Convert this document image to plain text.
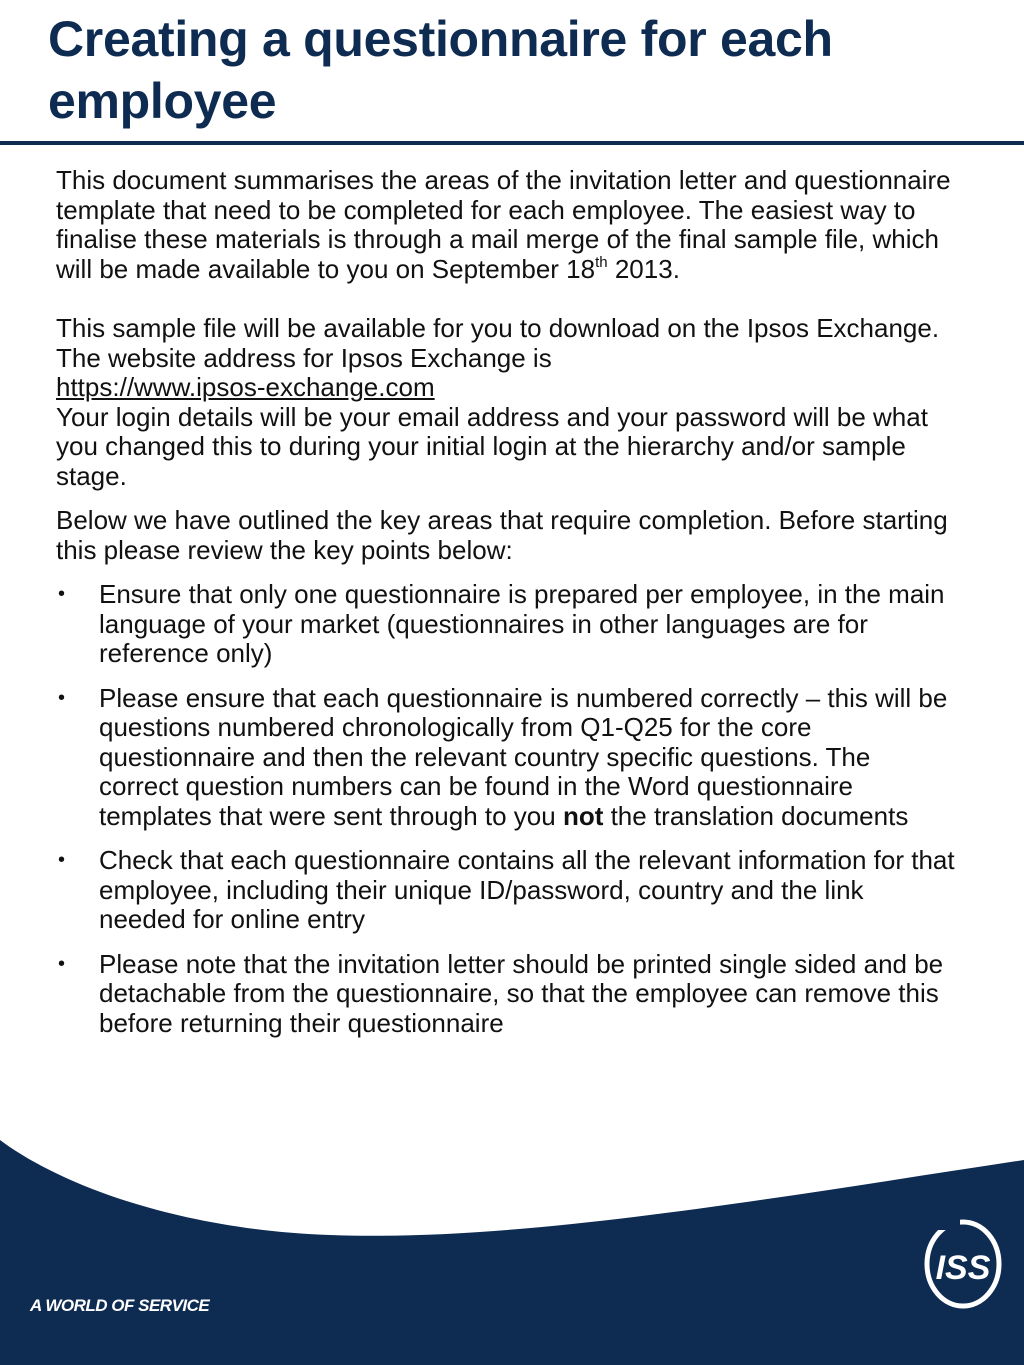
Creating a questionnaire for each employee

This document summarises the areas of the invitation letter and questionnaire template that need to be completed for each employee. The easiest way to finalise these materials is through a mail merge of the final sample file, which will be made available to you on September 18th 2013.

This sample file will be available for you to download on the Ipsos Exchange. The website address for Ipsos Exchange is
https://www.ipsos-exchange.com
Your login details will be your email address and your password will be what you changed this to during your initial login at the hierarchy and/or sample stage.

Below we have outlined the key areas that require completion. Before starting this please review the key points below:

• Ensure that only one questionnaire is prepared per employee, in the main language of your market (questionnaires in other languages are for reference only)
• Please ensure that each questionnaire is numbered correctly – this will be questions numbered chronologically from Q1-Q25 for the core questionnaire and then the relevant country specific questions. The correct question numbers can be found in the Word questionnaire templates that were sent through to you not the translation documents
• Check that each questionnaire contains all the relevant information for that employee, including their unique ID/password, country and the link needed for online entry
• Please note that the invitation letter should be printed single sided and be detachable from the questionnaire, so that the employee can remove this before returning their questionnaire
A WORLD OF SERVICE
ISS
